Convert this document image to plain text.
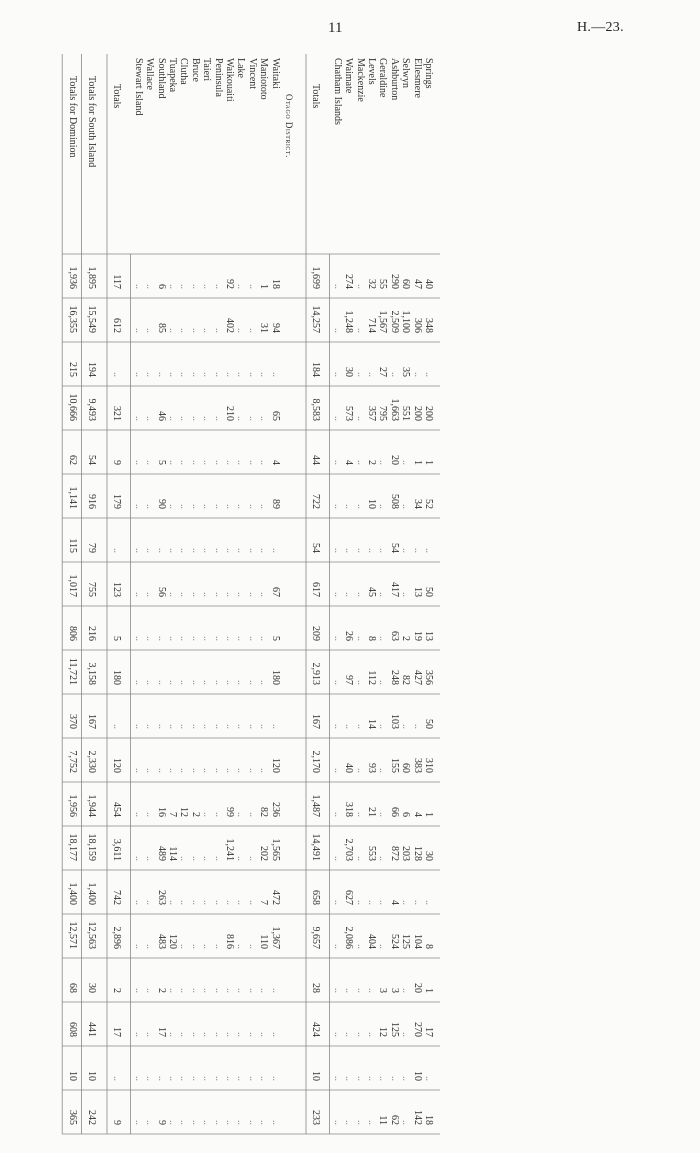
11	H.—23.
Springs
Ellesmere
Selwyn
Ashburton
Geraldine
Levels
Mackenzie
Waimate
Chatham Islands
Totals
Otago District.
Waitaki
Maniototo
Vincent
Lake
Waikouaiti
Peninsula
Taieri
Bruce
Clutha
Tuapeka
Southland
Wallace
Stewart Island
Totals
Totals for South Island
Totals for Dominion
40
348
..
200
1
52
..
50
13
356
50
310
1
30
..
8
1
17
..
18
47
306
..
200
1
34
..
13
19
427
..
383
4
128
..
104
20
270
10
142
60
1,100
35
551
..
..
..
..
2
82
..
60
6
203
..
125
..
..
..
..
290
2,509
..
1,663
20
508
54
417
63
248
103
155
66
872
4
524
3
125
..
62
55
1,567
27
795
..
..
..
..
..
..
..
..
..
..
..
..
3
12
..
11
32
714
..
357
2
10
..
45
8
112
14
93
21
553
..
404
..
..
..
..
..
..
..
..
..
..
..
..
..
..
..
..
..
..
..
..
..
..
..
..
274
1,248
30
573
4
..
..
..
26
97
..
40
318
2,703
627
2,086
..
..
..
..
..
..
..
..
..
..
..
..
..
..
..
..
..
..
..
..
..
..
..
..
1,699
14,257
184
8,583
44
722
54
617
209
2,913
167
2,170
1,487
14,491
658
9,657
28
424
10
233
18
94
..
65
4
89
..
67
5
180
..
120
236
1,565
472
1,367
..
..
..
..
1
31
..
..
..
..
..
..
..
..
..
..
82
202
7
110
..
..
..
..
..
..
..
..
..
..
..
..
..
..
..
..
..
..
..
..
..
..
..
..
..
..
..
..
..
..
..
..
..
..
..
..
..
..
..
..
..
..
..
..
92
402
..
210
..
..
..
..
..
..
..
..
99
1,241
..
816
..
..
..
..
..
..
..
..
..
..
..
..
..
..
..
..
..
..
..
..
..
..
..
..
..
..
..
..
..
..
..
..
..
..
..
..
..
..
..
..
..
..
..
..
..
..
..
..
..
..
..
..
..
..
..
..
2
..
..
..
..
..
..
..
..
..
..
..
..
..
..
..
..
..
..
..
12
..
..
..
..
..
..
..
..
..
..
..
..
..
..
..
..
..
..
..
7
114
..
120
..
..
..
..
6
85
..
46
5
90
..
56
..
..
..
..
16
489
263
483
2
17
..
9
..
..
..
..
..
..
..
..
..
..
..
..
..
..
..
..
..
..
..
..
..
..
..
..
..
..
..
..
..
..
..
..
..
..
..
..
..
..
..
..
117
612
..
321
9
179
..
123
5
180
..
120
454
3,611
742
2,896
2
17
..
9
1,895
15,549
194
9,493
54
916
79
755
216
3,158
167
2,330
1,944
18,159
1,400
12,563
30
441
10
242
1,936
16,355
215
10,666
62
1,141
115
1,017
806
11,721
370
7,752
1,956
18,177
1,400
12,571
68
608
10
365
